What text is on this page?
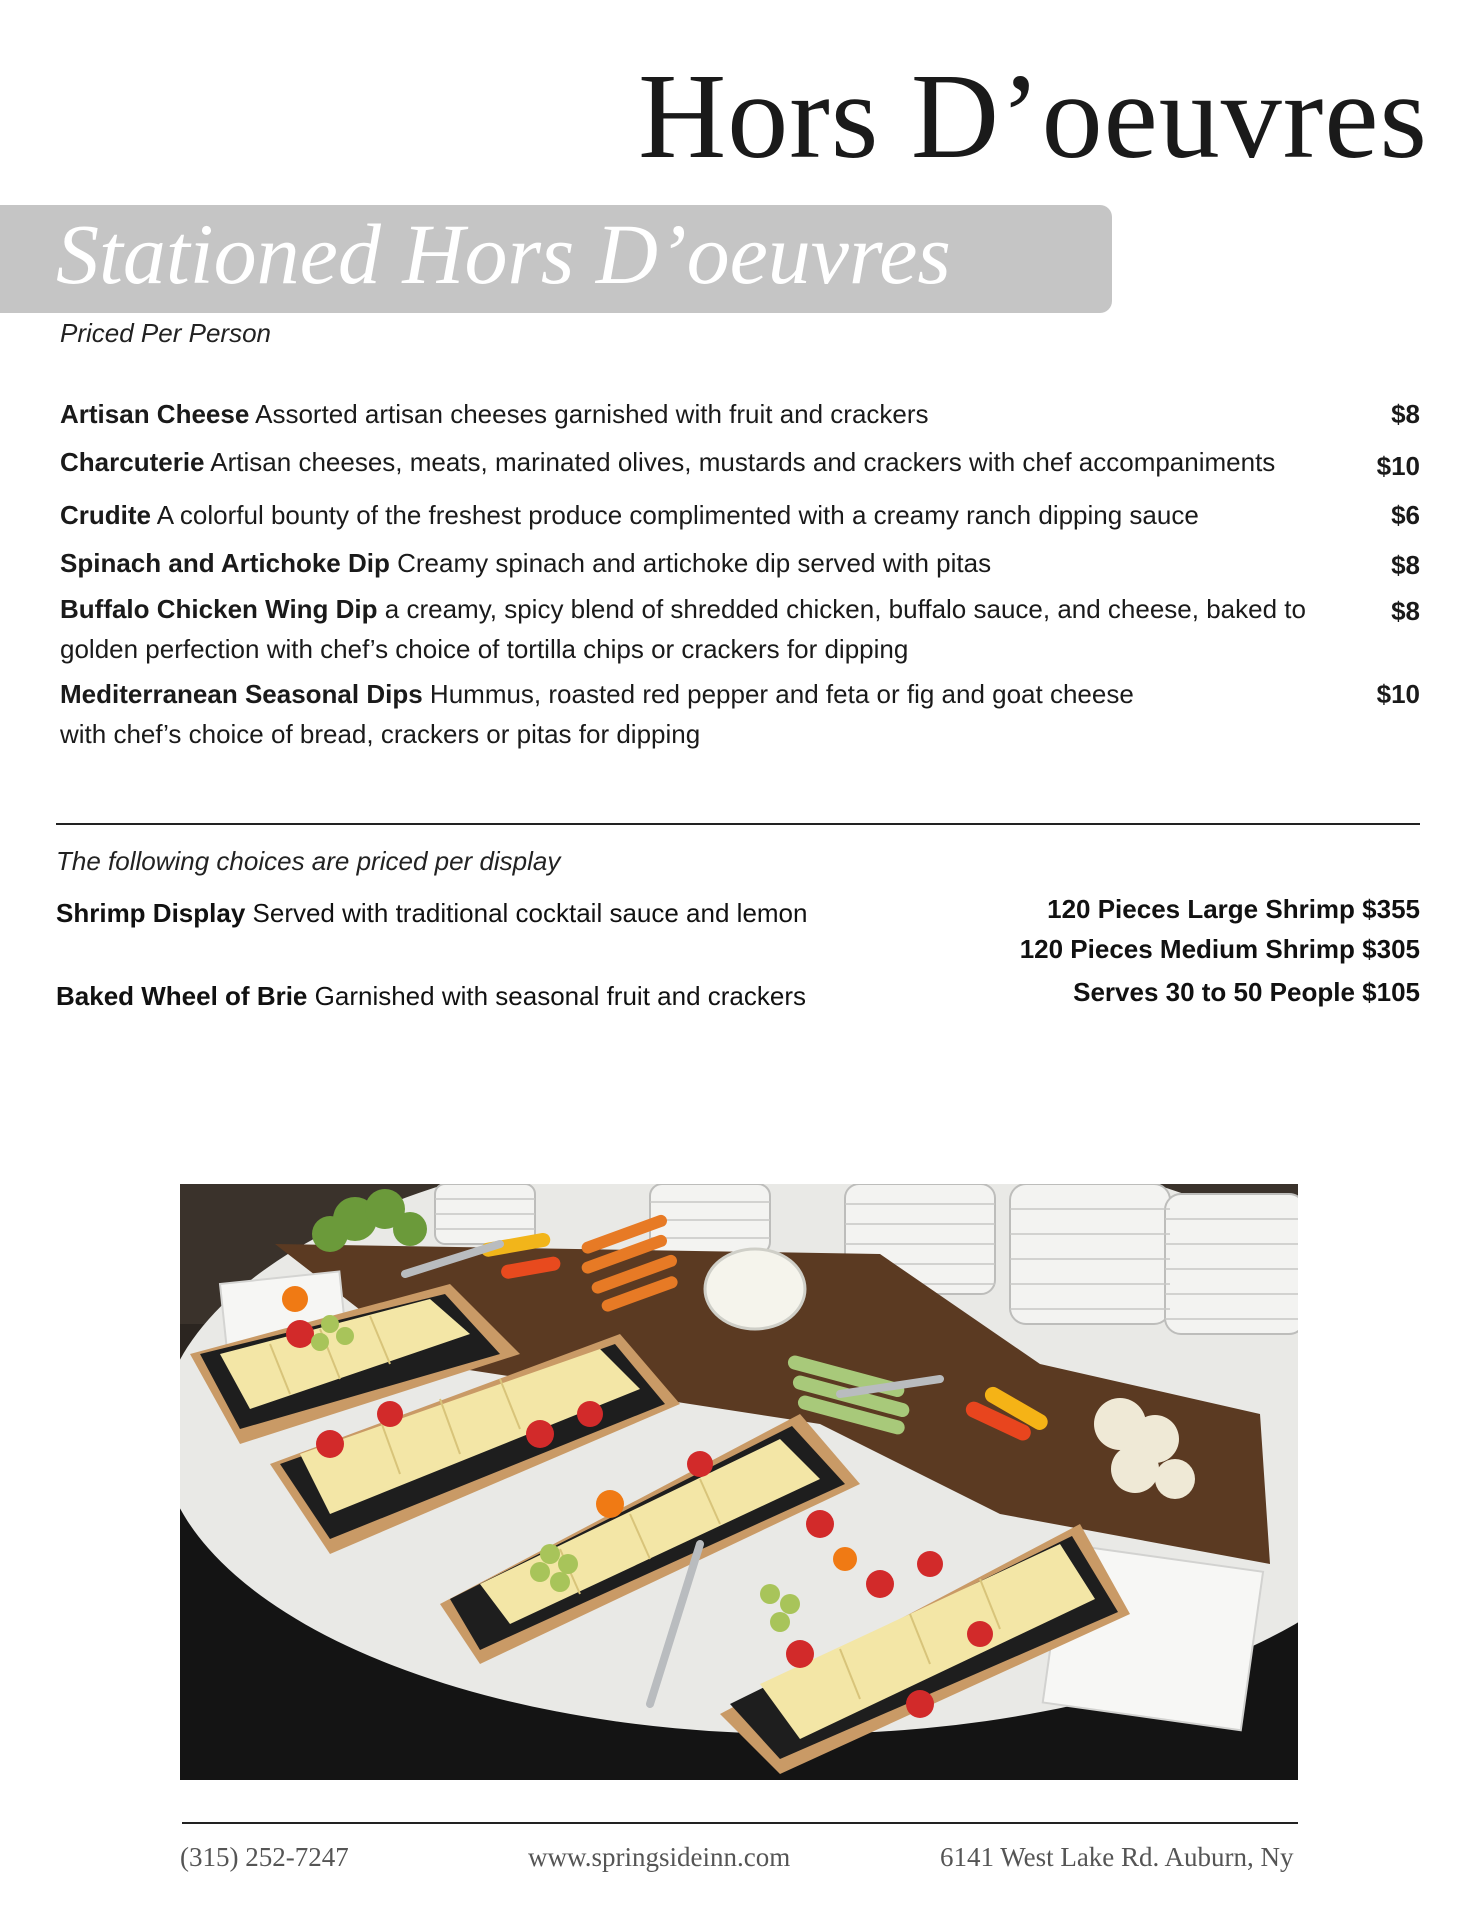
Hors D’oeuvres
Stationed Hors D’oeuvres
Priced Per Person
Artisan Cheese Assorted artisan cheeses garnished with fruit and crackers	$8
Charcuterie Artisan cheeses, meats, marinated olives, mustards and crackers with chef accompaniments	$10
Crudite A colorful bounty of the freshest produce complimented with a creamy ranch dipping sauce	$6
Spinach and Artichoke Dip Creamy spinach and artichoke dip served with pitas	$8
Buffalo Chicken Wing Dip a creamy, spicy blend of shredded chicken, buffalo sauce, and cheese, baked to golden perfection with chef’s choice of tortilla chips or crackers for dipping
$8
Mediterranean Seasonal Dips Hummus, roasted red pepper and feta or fig and goat cheese
with chef’s choice of bread, crackers or pitas for dipping
$10
The following choices are priced per display
Shrimp Display Served with traditional cocktail sauce and lemon	120 Pieces Large Shrimp $355
120 Pieces Medium Shrimp $305
Baked Wheel of Brie Garnished with seasonal fruit and crackers	Serves 30 to 50 People $105
(315) 252-7247	www.springsideinn.com	6141 West Lake Rd. Auburn, Ny
